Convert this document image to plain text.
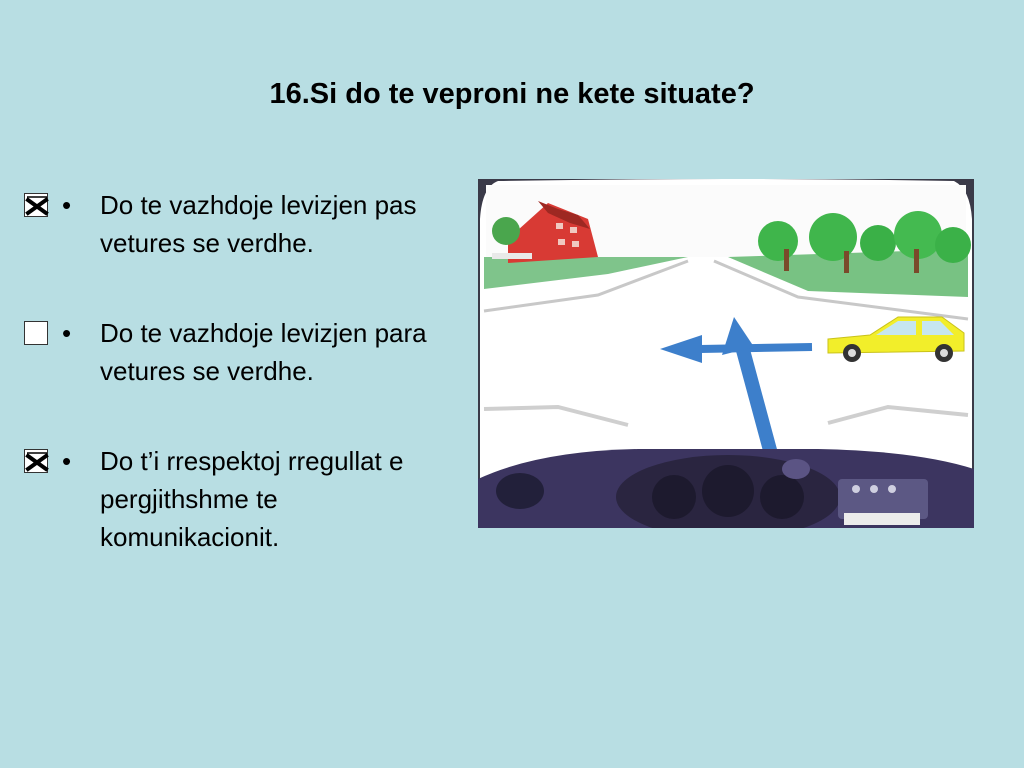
16.Si do te veproni ne kete situate?
• Do te vazhdoje levizjen pas vetures se verdhe.
• Do te vazhdoje levizjen para vetures se verdhe.
• Do t’i rrespektoj rregullat e pergjithshme te komunikacionit.
